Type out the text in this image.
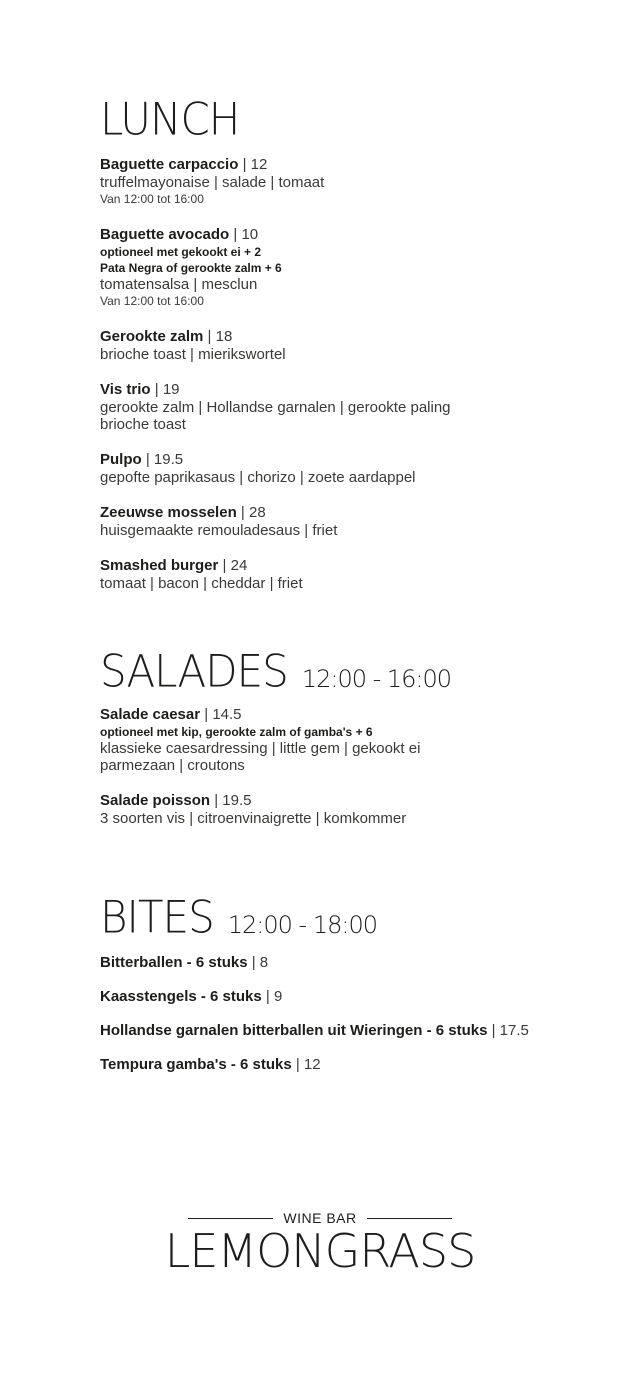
LUNCH
Baguette carpaccio | 12
truffelmayonaise | salade | tomaat
Van 12:00 tot 16:00
Baguette avocado | 10
optioneel met gekookt ei + 2
Pata Negra of gerookte zalm + 6
tomatensalsa | mesclun
Van 12:00 tot 16:00
Gerookte zalm | 18
brioche toast | mierikswortel
Vis trio | 19
gerookte zalm | Hollandse garnalen | gerookte paling
brioche toast
Pulpo | 19.5
gepofte paprikasaus | chorizo | zoete aardappel
Zeeuwse mosselen | 28
huisgemaakte remouladesaus | friet
Smashed burger | 24
tomaat | bacon | cheddar | friet
SALADES 12:00 - 16:00
Salade caesar | 14.5
optioneel met kip, gerookte zalm of gamba's + 6
klassieke caesardressing | little gem | gekookt ei
parmezaan | croutons
Salade poisson | 19.5
3 soorten vis | citroenvinaigrette | komkommer
BITES 12:00 - 18:00
Bitterballen - 6 stuks | 8
Kaasstengels - 6 stuks | 9
Hollandse garnalen bitterballen uit Wieringen - 6 stuks | 17.5
Tempura gamba's - 6 stuks | 12
WINE BAR
LEMONGRASS
